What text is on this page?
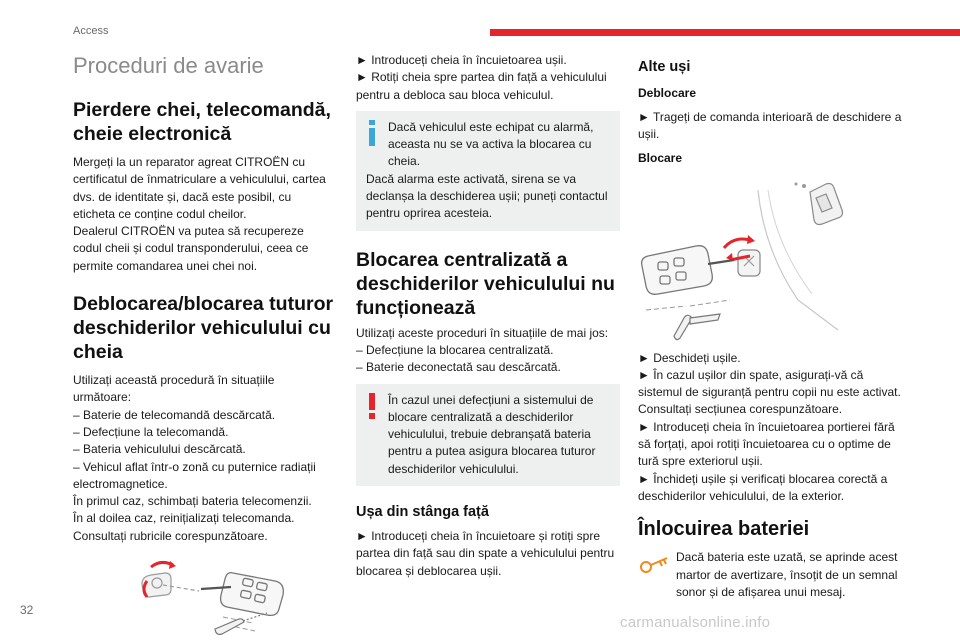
Access
32
carmanualsonline.info
Proceduri de avarie
Pierdere chei, telecomandă, cheie electronică

Mergeți la un reparator agreat CITROËN cu certificatul de înmatriculare a vehiculului, cartea dvs. de identitate și, dacă este posibil, cu eticheta ce conține codul cheilor.

Dealerul CITROËN va putea să recupereze codul cheii și codul transponderului, ceea ce permite comandarea unei chei noi.

Deblocarea/blocarea tuturor deschiderilor vehiculului cu cheia

Utilizați această procedură în situațiile următoare:

– Baterie de telecomandă descărcată.

– Defecțiune la telecomandă.

– Bateria vehiculului descărcată.

– Vehicul aflat într-o zonă cu puternice radiații electromagnetice.

În primul caz, schimbați bateria telecomenzii.

În al doilea caz, reinițializați telecomanda.

Consultați rubricile corespunzătoare.

► Introduceți cheia în încuietoarea ușii.

► Rotiți cheia spre partea din față a vehiculului pentru a debloca sau bloca vehiculul.

Dacă vehiculul este echipat cu alarmă, aceasta nu se va activa la blocarea cu cheia.
Dacă alarma este activată, sirena se va declanșa la deschiderea ușii; puneți contactul pentru oprirea acesteia.
Blocarea centralizată a deschiderilor vehiculului nu funcționează

Utilizați aceste proceduri în situațiile de mai jos:

– Defecțiune la blocarea centralizată.

– Baterie deconectată sau descărcată.

În cazul unei defecțiuni a sistemului de blocare centralizată a deschiderilor vehiculului, trebuie debranșată bateria pentru a putea asigura blocarea tuturor deschiderilor vehiculului.
Ușa din stânga față

► Introduceți cheia în încuietoare și rotiți spre partea din față sau din spate a vehiculului pentru blocarea și deblocarea ușii.

Alte uși
Deblocare

► Trageți de comanda interioară de deschidere a ușii.

Blocare

► Deschideți ușile.

► În cazul ușilor din spate, asigurați-vă că sistemul de siguranță pentru copii nu este activat.

Consultați secțiunea corespunzătoare.

► Introduceți cheia în încuietoarea portierei fără să forțați, apoi rotiți încuietoarea cu o optime de tură spre exteriorul ușii.

► Închideți ușile și verificați blocarea corectă a deschiderilor vehiculului, de la exterior.

Înlocuirea bateriei

Dacă bateria este uzată, se aprinde acest martor de avertizare, însoțit de un semnal sonor și de afișarea unui mesaj.
